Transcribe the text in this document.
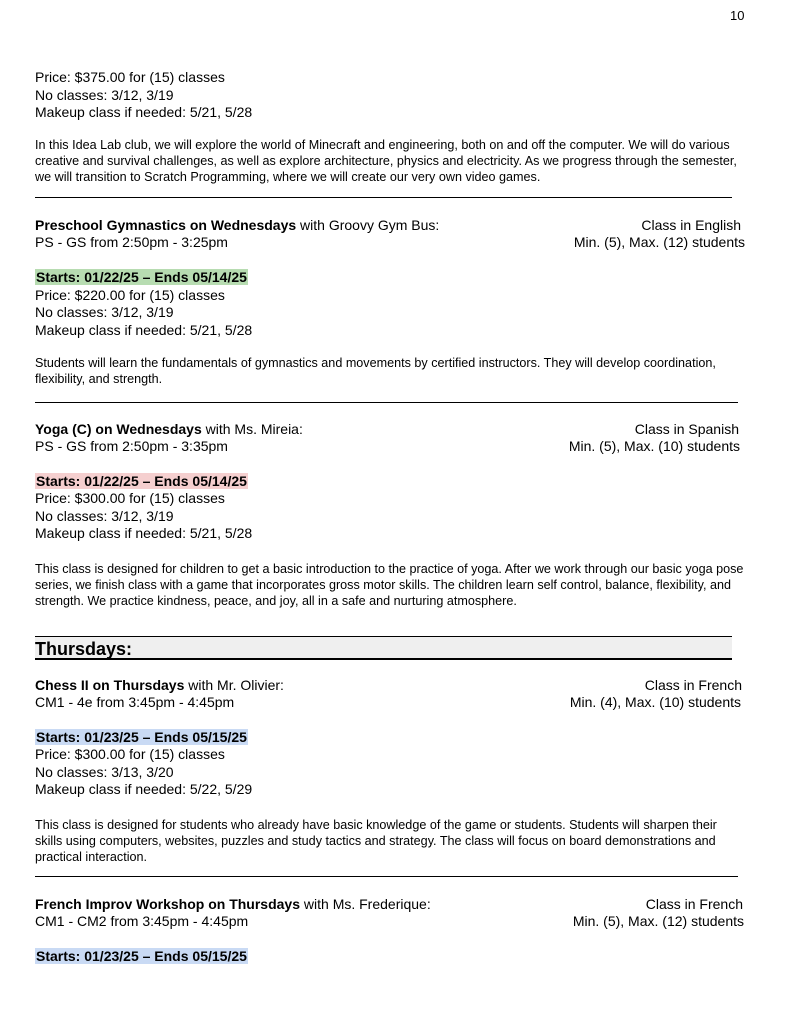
10
Price: $375.00 for (15) classes
No classes: 3/12, 3/19
Makeup class if needed: 5/21, 5/28
In this Idea Lab club, we will explore the world of Minecraft and engineering, both on and off the computer. We will do various creative and survival challenges, as well as explore architecture, physics and electricity. As we progress through the semester, we will transition to Scratch Programming, where we will create our very own video games.
Preschool Gymnastics on Wednesdays with Groovy Gym Bus:	Class in English
PS - GS from 2:50pm - 3:25pm	Min. (5), Max. (12) students
Starts: 01/22/25 – Ends 05/14/25
Price: $220.00 for (15) classes
No classes: 3/12, 3/19
Makeup class if needed: 5/21, 5/28
Students will learn the fundamentals of gymnastics and movements by certified instructors. They will develop coordination, flexibility, and strength.
Yoga (C) on Wednesdays with Ms. Mireia:	Class in Spanish
PS - GS from 2:50pm - 3:35pm	Min. (5), Max. (10) students
Starts: 01/22/25 – Ends 05/14/25
Price: $300.00 for (15) classes
No classes: 3/12, 3/19
Makeup class if needed: 5/21, 5/28
This class is designed for children to get a basic introduction to the practice of yoga. After we work through our basic yoga pose series, we finish class with a game that incorporates gross motor skills. The children learn self control, balance, flexibility, and strength. We practice kindness, peace, and joy, all in a safe and nurturing atmosphere.
Thursdays:
Chess II on Thursdays with Mr. Olivier:	Class in French
CM1 - 4e from 3:45pm - 4:45pm	Min. (4), Max. (10) students
Starts: 01/23/25 – Ends 05/15/25
Price: $300.00 for (15) classes
No classes: 3/13, 3/20
Makeup class if needed: 5/22, 5/29
This class is designed for students who already have basic knowledge of the game or students. Students will sharpen their skills using computers, websites, puzzles and study tactics and strategy. The class will focus on board demonstrations and practical interaction.
French Improv Workshop on Thursdays with Ms. Frederique:	Class in French
CM1 - CM2 from 3:45pm - 4:45pm	Min. (5), Max. (12) students
Starts: 01/23/25 – Ends 05/15/25
